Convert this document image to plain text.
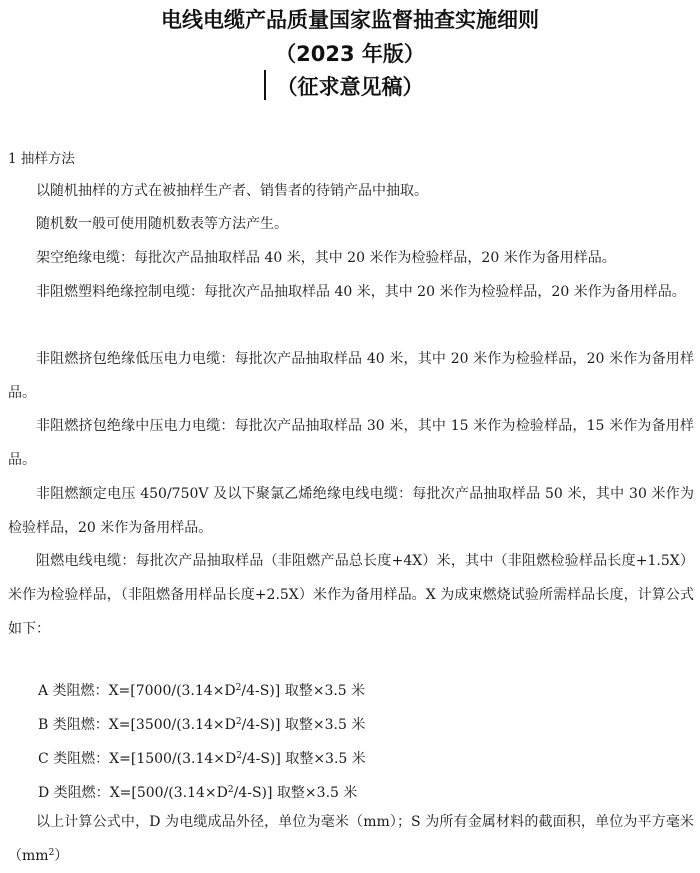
电线电缆产品质量国家监督抽查实施细则
（2023 年版）
（征求意见稿）
1 抽样方法

以随机抽样的方式在被抽样生产者、销售者的待销产品中抽取。

随机数一般可使用随机数表等方法产生。

架空绝缘电缆：每批次产品抽取样品 40 米，其中 20 米作为检验样品，20 米作为备用样品。

非阻燃塑料绝缘控制电缆：每批次产品抽取样品 40 米，其中 20 米作为检验样品，20 米作为备用样品。

非阻燃挤包绝缘低压电力电缆：每批次产品抽取样品 40 米，其中 20 米作为检验样品，20 米作为备用样品。

非阻燃挤包绝缘中压电力电缆：每批次产品抽取样品 30 米，其中 15 米作为检验样品，15 米作为备用样品。

非阻燃额定电压 450/750V 及以下聚氯乙烯绝缘电线电缆：每批次产品抽取样品 50 米，其中 30 米作为检验样品，20 米作为备用样品。

阻燃电线电缆：每批次产品抽取样品（非阻燃产品总长度+4X）米，其中（非阻燃检验样品长度+1.5X）米作为检验样品，（非阻燃备用样品长度+2.5X）米作为备用样品。X 为成束燃烧试验所需样品长度，计算公式如下：

A 类阻燃：$X=[7000/(3.14\times D^2/4-S)]$ 取整×3.5 米
B 类阻燃：$X=[3500/(3.14\times D^2/4-S)]$ 取整×3.5 米
C 类阻燃：$X=[1500/(3.14\times D^2/4-S)]$ 取整×3.5 米
D 类阻燃：$X=[500/(3.14\times D^2/4-S)]$ 取整×3.5 米

以上计算公式中，D 为电缆成品外径，单位为毫米（mm）；S 为所有金属材料的截面积，单位为平方毫米$(mm^2)$
